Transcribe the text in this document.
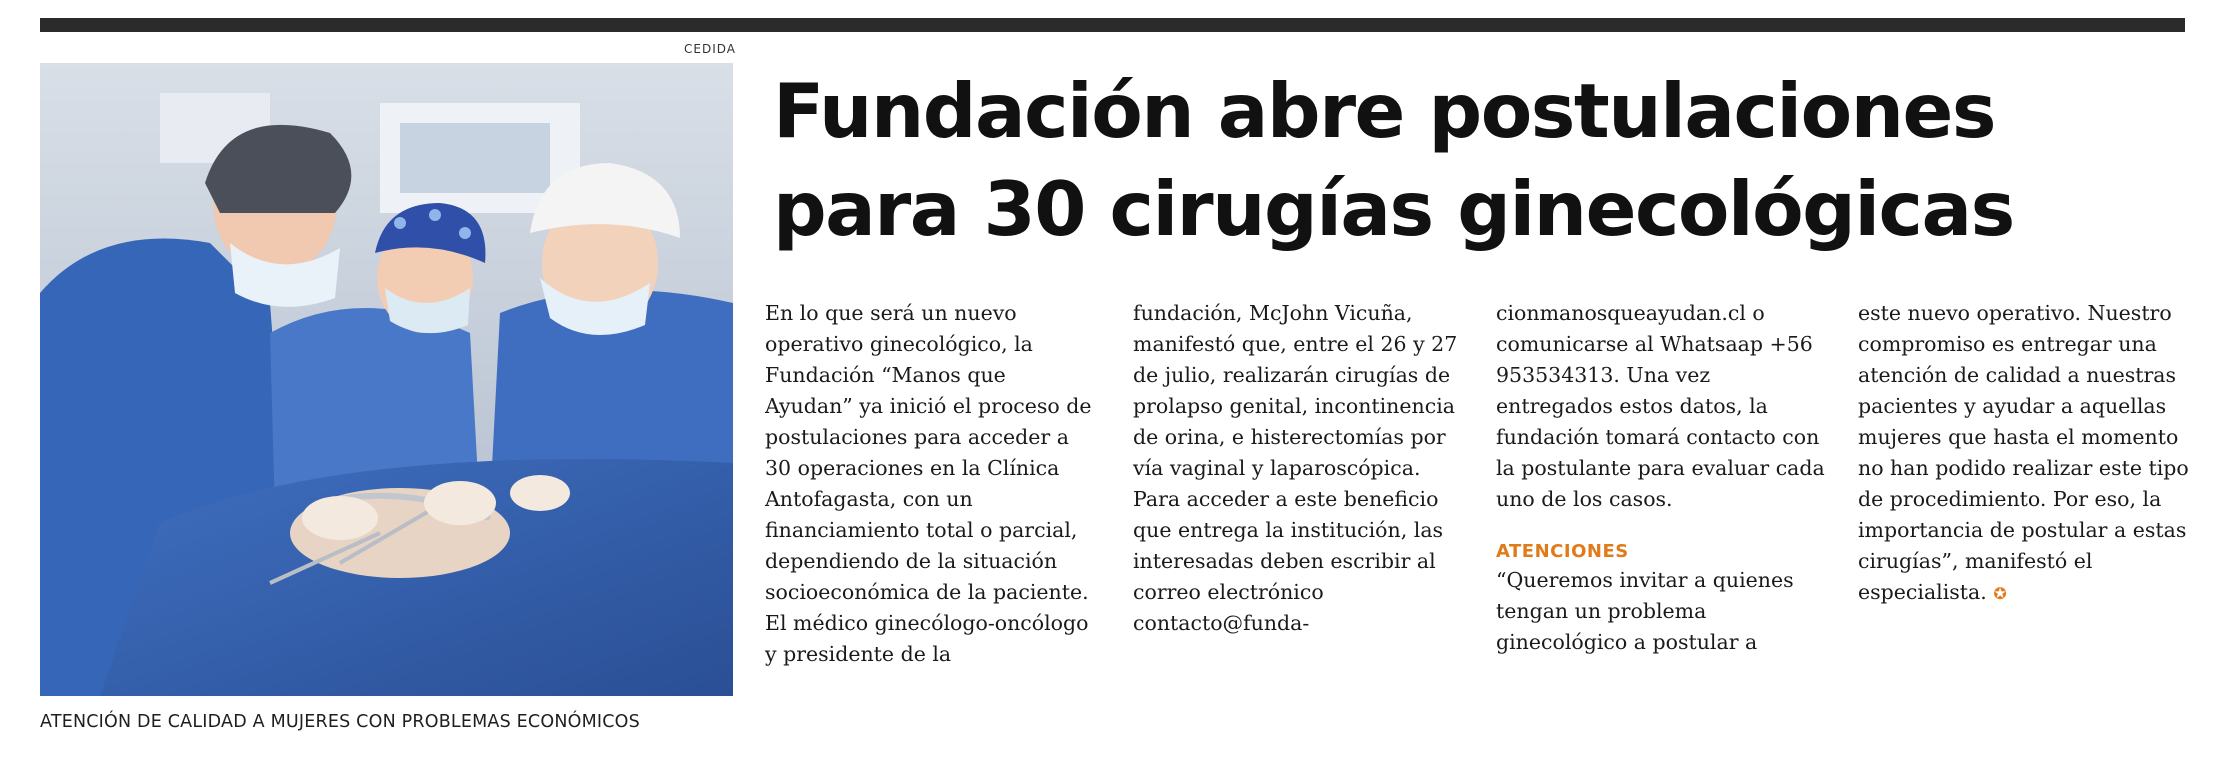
CEDIDA
ATENCIÓN DE CALIDAD A MUJERES CON PROBLEMAS ECONÓMICOS
Fundación abre postulaciones
para 30 cirugías ginecológicas

En lo que será un nuevo operativo ginecológico, la Fundación “Manos que Ayudan” ya inició el proceso de postulaciones para acceder a 30 operaciones en la Clínica Antofagasta, con un financiamiento total o parcial, dependiendo de la situación socioeconómica de la paciente.

El médico ginecólogo-oncólogo y presidente de la

fundación, McJohn Vicuña, manifestó que, entre el 26 y 27 de julio, realizarán cirugías de prolapso genital, incontinencia de orina, e histerectomías por vía vaginal y laparoscópica.

Para acceder a este beneficio que entrega la institución, las interesadas deben escribir al correo electrónico contacto@funda-

cionmanosqueayudan.cl o comunicarse al Whatsaap +56 953534313. Una vez entregados estos datos, la fundación tomará contacto con la postulante para evaluar cada uno de los casos.

ATENCIONES

“Queremos invitar a quienes tengan un problema ginecológico a postular a

este nuevo operativo. Nuestro compromiso es entregar una atención de calidad a nuestras pacientes y ayudar a aquellas mujeres que hasta el momento no han podido realizar este tipo de procedimiento. Por eso, la importancia de postular a estas cirugías”, manifestó el especialista. ✪
